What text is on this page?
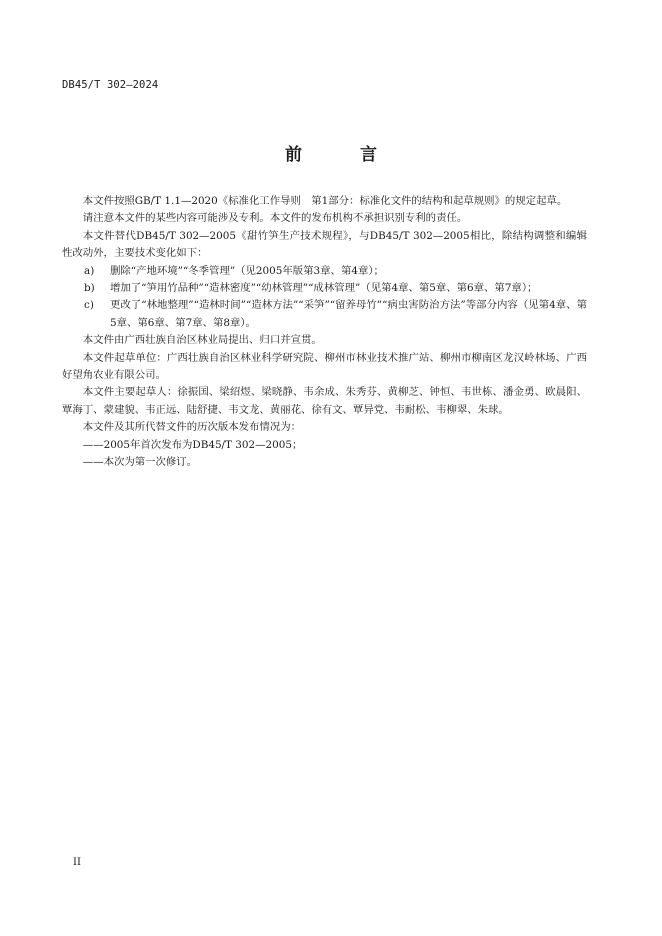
DB45/T 302—2024
前 言

本文件按照GB/T 1.1—2020《标准化工作导则　第1部分：标准化文件的结构和起草规则》的规定起草。

请注意本文件的某些内容可能涉及专利。本文件的发布机构不承担识别专利的责任。

本文件替代DB45/T 302—2005《甜竹笋生产技术规程》，与DB45/T 302—2005相比，除结构调整和编辑性改动外，主要技术变化如下：

a)	删除“产地环境”“冬季管理”（见2005年版第3章、第4章）；
b)	增加了“笋用竹品种”“造林密度”“幼林管理”“成林管理”（见第4章、第5章、第6章、第7章）；
c)	更改了“林地整理”“造林时间”“造林方法”“采笋”“留养母竹”“病虫害防治方法”等部分内容（见第4章、第5章、第6章、第7章、第8章）。

本文件由广西壮族自治区林业局提出、归口并宣贯。

本文件起草单位：广西壮族自治区林业科学研究院、柳州市林业技术推广站、柳州市柳南区龙汉岭林场、广西好望角农业有限公司。

本文件主要起草人：徐振国、梁绍煜、梁晓静、韦余成、朱秀芬、黄柳芝、钟恒、韦世栋、潘金勇、欧晨阳、覃海丁、蒙建貌、韦正远、陆舒捷、韦文龙、黄丽花、徐有文、覃异党、韦耐松、韦柳翠、朱球。

本文件及其所代替文件的历次版本发布情况为：

——2005年首次发布为DB45/T 302—2005；

——本次为第一次修订。

II
